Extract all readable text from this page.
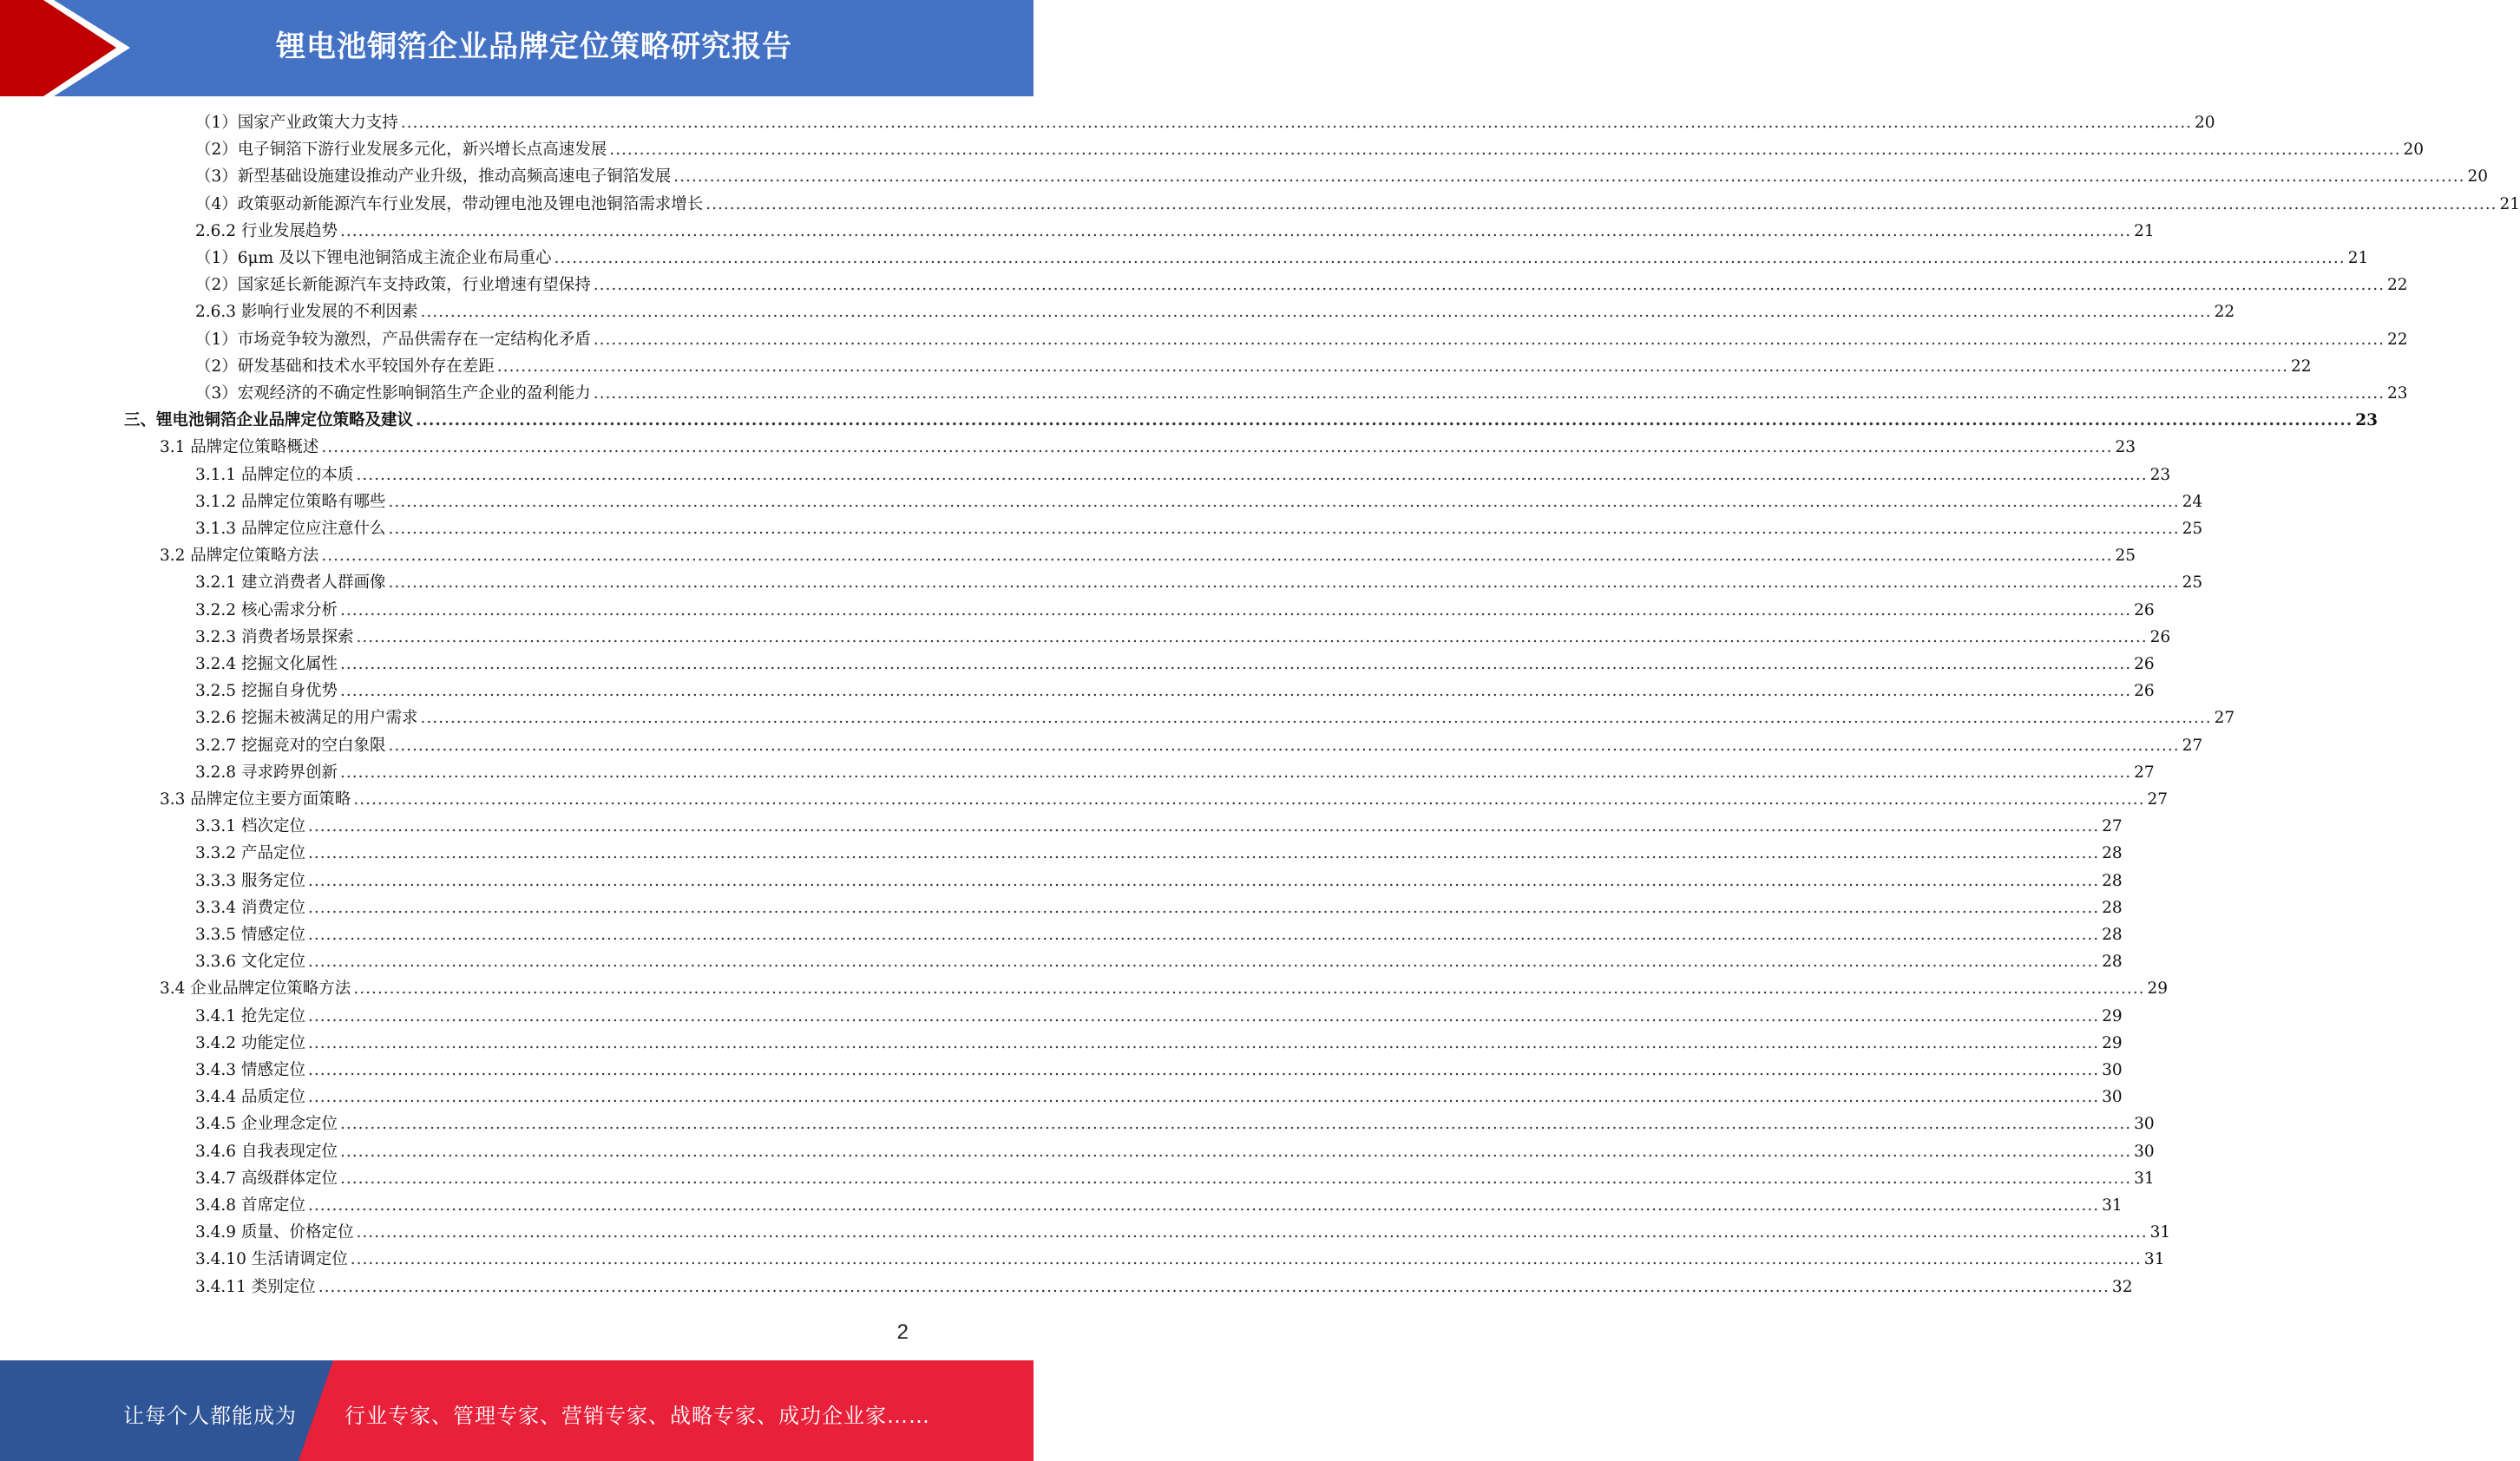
锂电池铜箔企业品牌定位策略研究报告
（1）国家产业政策大力支持 ............................................................................................................................................................................................................................................................................................................ 20
（2）电子铜箔下游行业发展多元化，新兴增长点高速发展 ............................................................................................................................................................................................................................................................................................................ 20
（3）新型基础设施建设推动产业升级，推动高频高速电子铜箔发展 ............................................................................................................................................................................................................................................................................................................ 20
（4）政策驱动新能源汽车行业发展，带动锂电池及锂电池铜箔需求增长 ............................................................................................................................................................................................................................................................................................................ 21
2.6.2 行业发展趋势 ............................................................................................................................................................................................................................................................................................................ 21
（1）6μm 及以下锂电池铜箔成主流企业布局重心 ............................................................................................................................................................................................................................................................................................................ 21
（2）国家延长新能源汽车支持政策，行业增速有望保持 ............................................................................................................................................................................................................................................................................................................ 22
2.6.3 影响行业发展的不利因素 ............................................................................................................................................................................................................................................................................................................ 22
（1）市场竞争较为激烈，产品供需存在一定结构化矛盾 ............................................................................................................................................................................................................................................................................................................ 22
（2）研发基础和技术水平较国外存在差距 ............................................................................................................................................................................................................................................................................................................ 22
（3）宏观经济的不确定性影响铜箔生产企业的盈利能力 ............................................................................................................................................................................................................................................................................................................ 23
三、锂电池铜箔企业品牌定位策略及建议 ............................................................................................................................................................................................................................................................................................................ 23
3.1 品牌定位策略概述 ............................................................................................................................................................................................................................................................................................................ 23
3.1.1 品牌定位的本质 ............................................................................................................................................................................................................................................................................................................ 23
3.1.2 品牌定位策略有哪些 ............................................................................................................................................................................................................................................................................................................ 24
3.1.3 品牌定位应注意什么 ............................................................................................................................................................................................................................................................................................................ 25
3.2 品牌定位策略方法 ............................................................................................................................................................................................................................................................................................................ 25
3.2.1 建立消费者人群画像 ............................................................................................................................................................................................................................................................................................................ 25
3.2.2 核心需求分析 ............................................................................................................................................................................................................................................................................................................ 26
3.2.3 消费者场景探索 ............................................................................................................................................................................................................................................................................................................ 26
3.2.4 挖掘文化属性 ............................................................................................................................................................................................................................................................................................................ 26
3.2.5 挖掘自身优势 ............................................................................................................................................................................................................................................................................................................ 26
3.2.6 挖掘未被满足的用户需求 ............................................................................................................................................................................................................................................................................................................ 27
3.2.7 挖掘竞对的空白象限 ............................................................................................................................................................................................................................................................................................................ 27
3.2.8 寻求跨界创新 ............................................................................................................................................................................................................................................................................................................ 27
3.3 品牌定位主要方面策略 ............................................................................................................................................................................................................................................................................................................ 27
3.3.1 档次定位 ............................................................................................................................................................................................................................................................................................................ 27
3.3.2 产品定位 ............................................................................................................................................................................................................................................................................................................ 28
3.3.3 服务定位 ............................................................................................................................................................................................................................................................................................................ 28
3.3.4 消费定位 ............................................................................................................................................................................................................................................................................................................ 28
3.3.5 情感定位 ............................................................................................................................................................................................................................................................................................................ 28
3.3.6 文化定位 ............................................................................................................................................................................................................................................................................................................ 28
3.4 企业品牌定位策略方法 ............................................................................................................................................................................................................................................................................................................ 29
3.4.1 抢先定位 ............................................................................................................................................................................................................................................................................................................ 29
3.4.2 功能定位 ............................................................................................................................................................................................................................................................................................................ 29
3.4.3 情感定位 ............................................................................................................................................................................................................................................................................................................ 30
3.4.4 品质定位 ............................................................................................................................................................................................................................................................................................................ 30
3.4.5 企业理念定位 ............................................................................................................................................................................................................................................................................................................ 30
3.4.6 自我表现定位 ............................................................................................................................................................................................................................................................................................................ 30
3.4.7 高级群体定位 ............................................................................................................................................................................................................................................................................................................ 31
3.4.8 首席定位 ............................................................................................................................................................................................................................................................................................................ 31
3.4.9 质量、价格定位 ............................................................................................................................................................................................................................................................................................................ 31
3.4.10 生活请调定位 ............................................................................................................................................................................................................................................................................................................ 31
3.4.11 类别定位 ............................................................................................................................................................................................................................................................................................................ 32
2
让每个人都能成为 行业专家、管理专家、营销专家、战略专家、成功企业家……
